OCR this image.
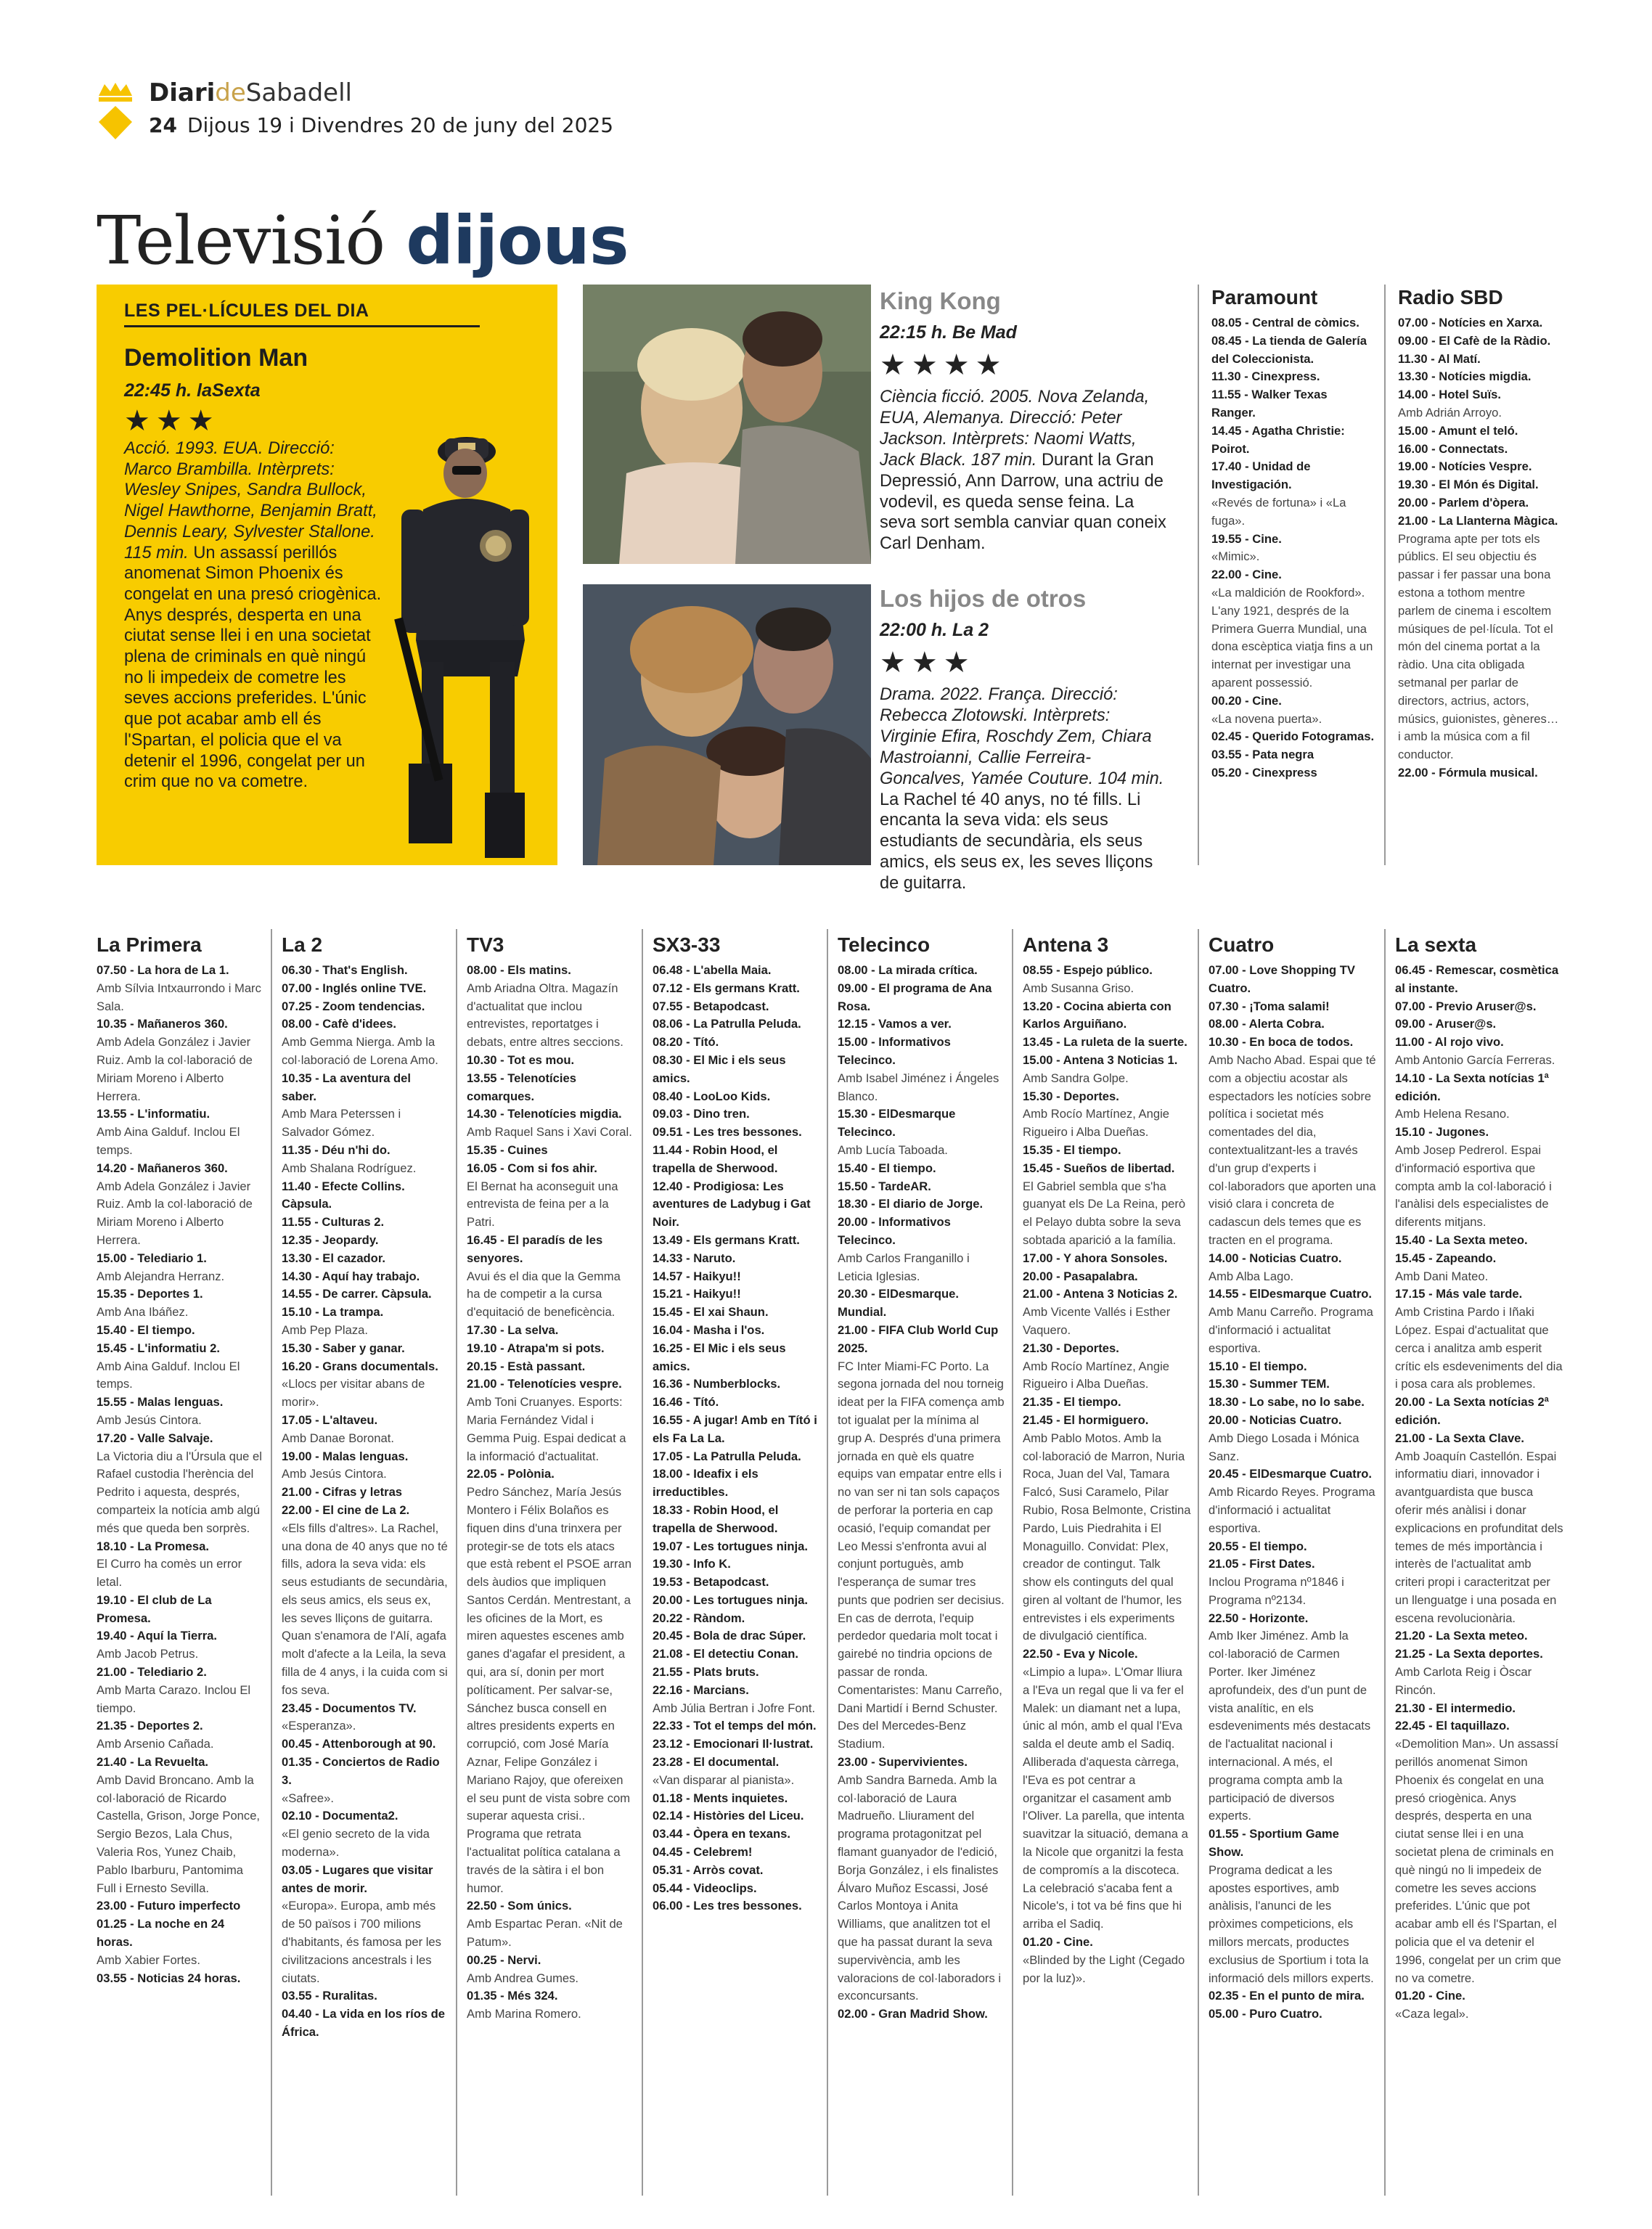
DiarideSabadell
24 Dijous 19 i Divendres 20 de juny del 2025
Televisió dijous
LES PEL·LÍCULES DEL DIA
Demolition Man
22:45 h. laSexta
★★★
Acció. 1993. EUA. Direcció: Marco Brambilla. Intèrprets: Wesley Snipes, Sandra Bullock, Nigel Hawthorne, Benjamin Bratt, Dennis Leary, Sylvester Stallone. 115 min. Un assassí perillós anomenat Simon Phoenix és congelat en una presó criogènica. Anys després, desperta en una ciutat sense llei i en una societat plena de criminals en què ningú no li impedeix de cometre les seves accions preferides. L'únic que pot acabar amb ell és l'Spartan, el policia que el va detenir el 1996, congelat per un crim que no va cometre.
King Kong
22:15 h. Be Mad
★★★★
Ciència ficció. 2005. Nova Zelanda, EUA, Alemanya. Direcció: Peter Jackson. Intèrprets: Naomi Watts, Jack Black. 187 min. Durant la Gran Depressió, Ann Darrow, una actriu de vodevil, es queda sense feina. La seva sort sembla canviar quan coneix Carl Denham.
Los hijos de otros
22:00 h. La 2
★★★
Drama. 2022. França. Direcció: Rebecca Zlotowski. Intèrprets: Virginie Efira, Roschdy Zem, Chiara Mastroianni, Callie Ferreira-Goncalves, Yamée Couture. 104 min. La Rachel té 40 anys, no té fills. Li encanta la seva vida: els seus estudiants de secundària, els seus amics, els seus ex, les seves lliçons de guitarra.
Paramount
08.05 - Central de còmics.
08.45 - La tienda de Galería del Coleccionista.
11.30 - Cinexpress.
11.55 - Walker Texas Ranger.
14.45 - Agatha Christie: Poirot.
17.40 - Unidad de Investigación.
«Revés de fortuna» i «La fuga».
19.55 - Cine.
«Mimic».
22.00 - Cine.
«La maldición de Rookford». L'any 1921, després de la Primera Guerra Mundial, una dona escèptica viatja fins a un internat per investigar una aparent possessió.
00.20 - Cine.
«La novena puerta».
02.45 - Querido Fotogramas.
03.55 - Pata negra
05.20 - Cinexpress
Radio SBD
07.00 - Notícies en Xarxa.
09.00 - El Cafè de la Ràdio.
11.30 - Al Matí.
13.30 - Notícies migdia.
14.00 - Hotel Suïs.
Amb Adrián Arroyo.
15.00 - Amunt el teló.
16.00 - Connectats.
19.00 - Notícies Vespre.
19.30 - El Món és Digital.
20.00 - Parlem d'òpera.
21.00 - La Llanterna Màgica.
Programa apte per tots els públics. El seu objectiu és passar i fer passar una bona estona a tothom mentre parlem de cinema i escoltem músiques de pel·lícula. Tot el món del cinema portat a la ràdio. Una cita obligada setmanal per parlar de directors, actrius, actors, músics, guionistes, gèneres… i amb la música com a fil conductor.
22.00 - Fórmula musical.
La Primera
07.50 - La hora de La 1.
Amb Sílvia Intxaurrondo i Marc Sala.
10.35 - Mañaneros 360.
Amb Adela González i Javier Ruiz. Amb la col·laboració de Miriam Moreno i Alberto Herrera.
13.55 - L'informatiu.
Amb Aina Galduf. Inclou El temps.
14.20 - Mañaneros 360.
Amb Adela González i Javier Ruiz. Amb la col·laboració de Miriam Moreno i Alberto Herrera.
15.00 - Telediario 1.
Amb Alejandra Herranz.
15.35 - Deportes 1.
Amb Ana Ibáñez.
15.40 - El tiempo.
15.45 - L'informatiu 2.
Amb Aina Galduf. Inclou El temps.
15.55 - Malas lenguas.
Amb Jesús Cintora.
17.20 - Valle Salvaje.
La Victoria diu a l'Úrsula que el Rafael custodia l'herència del Pedrito i aquesta, després, comparteix la notícia amb algú més que queda ben sorprès.
18.10 - La Promesa.
El Curro ha comès un error letal.
19.10 - El club de La Promesa.
19.40 - Aquí la Tierra.
Amb Jacob Petrus.
21.00 - Telediario 2.
Amb Marta Carazo. Inclou El tiempo.
21.35 - Deportes 2.
Amb Arsenio Cañada.
21.40 - La Revuelta.
Amb David Broncano. Amb la col·laboració de Ricardo Castella, Grison, Jorge Ponce, Sergio Bezos, Lala Chus, Valeria Ros, Yunez Chaib, Pablo Ibarburu, Pantomima Full i Ernesto Sevilla.
23.00 - Futuro imperfecto
01.25 - La noche en 24 horas.
Amb Xabier Fortes.
03.55 - Noticias 24 horas.
La 2
06.30 - That's English.
07.00 - Inglés online TVE.
07.25 - Zoom tendencias.
08.00 - Cafè d'idees.
Amb Gemma Nierga. Amb la col·laboració de Lorena Amo.
10.35 - La aventura del saber.
Amb Mara Peterssen i Salvador Gómez.
11.35 - Déu n'hi do.
Amb Shalana Rodríguez.
11.40 - Efecte Collins. Càpsula.
11.55 - Culturas 2.
12.35 - Jeopardy.
13.30 - El cazador.
14.30 - Aquí hay trabajo.
14.55 - De carrer. Càpsula.
15.10 - La trampa.
Amb Pep Plaza.
15.30 - Saber y ganar.
16.20 - Grans documentals.
«Llocs per visitar abans de morir».
17.05 - L'altaveu.
Amb Danae Boronat.
19.00 - Malas lenguas.
Amb Jesús Cintora.
21.00 - Cifras y letras
22.00 - El cine de La 2.
«Els fills d'altres». La Rachel, una dona de 40 anys que no té fills, adora la seva vida: els seus estudiants de secundària, els seus amics, els seus ex, les seves lliçons de guitarra. Quan s'enamora de l'Alí, agafa molt d'afecte a la Leila, la seva filla de 4 anys, i la cuida com si fos seva.
23.45 - Documentos TV.
«Esperanza».
00.45 - Attenborough at 90.
01.35 - Conciertos de Radio 3.
«Safree».
02.10 - Documenta2.
«El genio secreto de la vida moderna».
03.05 - Lugares que visitar antes de morir.
«Europa». Europa, amb més de 50 països i 700 milions d'habitants, és famosa per les civilitzacions ancestrals i les ciutats.
03.55 - Ruralitas.
04.40 - La vida en los ríos de África.
TV3
08.00 - Els matins.
Amb Ariadna Oltra. Magazín d'actualitat que inclou entrevistes, reportatges i debats, entre altres seccions.
10.30 - Tot es mou.
13.55 - Telenotícies comarques.
14.30 - Telenotícies migdia.
Amb Raquel Sans i Xavi Coral.
15.35 - Cuines
16.05 - Com si fos ahir.
El Bernat ha aconseguit una entrevista de feina per a la Patri.
16.45 - El paradís de les senyores.
Avui és el dia que la Gemma ha de competir a la cursa d'equitació de beneficència.
17.30 - La selva.
19.10 - Atrapa'm si pots.
20.15 - Està passant.
21.00 - Telenotícies vespre.
Amb Toni Cruanyes. Esports: Maria Fernández Vidal i Gemma Puig. Espai dedicat a la informació d'actualitat.
22.05 - Polònia.
Pedro Sánchez, María Jesús Montero i Félix Bolaños es fiquen dins d'una trinxera per protegir-se de tots els atacs que està rebent el PSOE arran dels àudios que impliquen Santos Cerdán. Mentrestant, a les oficines de la Mort, es miren aquestes escenes amb ganes d'agafar el president, a qui, ara sí, donin per mort políticament. Per salvar-se, Sánchez busca consell en altres presidents experts en corrupció, com José María Aznar, Felipe González i Mariano Rajoy, que ofereixen el seu punt de vista sobre com superar aquesta crisi.. Programa que retrata l'actualitat política catalana a través de la sàtira i el bon humor.
22.50 - Som únics.
Amb Espartac Peran. «Nit de Patum».
00.25 - Nervi.
Amb Andrea Gumes.
01.35 - Més 324.
Amb Marina Romero.
SX3-33
06.48 - L'abella Maia.
07.12 - Els germans Kratt.
07.55 - Betapodcast.
08.06 - La Patrulla Peluda.
08.20 - Tító.
08.30 - El Mic i els seus amics.
08.40 - LooLoo Kids.
09.03 - Dino tren.
09.51 - Les tres bessones.
11.44 - Robin Hood, el trapella de Sherwood.
12.40 - Prodigiosa: Les aventures de Ladybug i Gat Noir.
13.49 - Els germans Kratt.
14.33 - Naruto.
14.57 - Haikyu!!
15.21 - Haikyu!!
15.45 - El xai Shaun.
16.04 - Masha i l'os.
16.25 - El Mic i els seus amics.
16.36 - Numberblocks.
16.46 - Tító.
16.55 - A jugar! Amb en Tító i els Fa La La.
17.05 - La Patrulla Peluda.
18.00 - Ideafix i els irreductibles.
18.33 - Robin Hood, el trapella de Sherwood.
19.07 - Les tortugues ninja.
19.30 - Info K.
19.53 - Betapodcast.
20.00 - Les tortugues ninja.
20.22 - Ràndom.
20.45 - Bola de drac Súper.
21.08 - El detectiu Conan.
21.55 - Plats bruts.
22.16 - Marcians.
Amb Júlia Bertran i Jofre Font.
22.33 - Tot el temps del món.
23.12 - Emocionari Il·lustrat.
23.28 - El documental.
«Van disparar al pianista».
01.18 - Ments inquietes.
02.14 - Històries del Liceu.
03.44 - Òpera en texans.
04.45 - Celebrem!
05.31 - Arròs covat.
05.44 - Videoclips.
06.00 - Les tres bessones.
Telecinco
08.00 - La mirada crítica.
09.00 - El programa de Ana Rosa.
12.15 - Vamos a ver.
15.00 - Informativos Telecinco.
Amb Isabel Jiménez i Ángeles Blanco.
15.30 - ElDesmarque Telecinco.
Amb Lucía Taboada.
15.40 - El tiempo.
15.50 - TardeAR.
18.30 - El diario de Jorge.
20.00 - Informativos Telecinco.
Amb Carlos Franganillo i Leticia Iglesias.
20.30 - ElDesmarque. Mundial.
21.00 - FIFA Club World Cup 2025.
FC Inter Miami-FC Porto. La segona jornada del nou torneig ideat per la FIFA comença amb tot igualat per la mínima al grup A. Després d'una primera jornada en què els quatre equips van empatar entre ells i no van ser ni tan sols capaços de perforar la porteria en cap ocasió, l'equip comandat per Leo Messi s'enfronta avui al conjunt portuguès, amb l'esperança de sumar tres punts que podrien ser decisius. En cas de derrota, l'equip perdedor quedaria molt tocat i gairebé no tindria opcions de passar de ronda. Comentaristes: Manu Carreño, Dani Martidí i Bernd Schuster. Des del Mercedes-Benz Stadium.
23.00 - Supervivientes.
Amb Sandra Barneda. Amb la col·laboració de Laura Madrueño. Lliurament del programa protagonitzat pel flamant guanyador de l'edició, Borja González, i els finalistes Álvaro Muñoz Escassi, José Carlos Montoya i Anita Williams, que analitzen tot el que ha passat durant la seva supervivència, amb les valoracions de col·laboradors i exconcursants.
02.00 - Gran Madrid Show.
Antena 3
08.55 - Espejo público.
Amb Susanna Griso.
13.20 - Cocina abierta con Karlos Arguiñano.
13.45 - La ruleta de la suerte.
15.00 - Antena 3 Noticias 1.
Amb Sandra Golpe.
15.30 - Deportes.
Amb Rocío Martínez, Angie Rigueiro i Alba Dueñas.
15.35 - El tiempo.
15.45 - Sueños de libertad.
El Gabriel sembla que s'ha guanyat els De La Reina, però el Pelayo dubta sobre la seva sobtada aparició a la família.
17.00 - Y ahora Sonsoles.
20.00 - Pasapalabra.
21.00 - Antena 3 Noticias 2.
Amb Vicente Vallés i Esther Vaquero.
21.30 - Deportes.
Amb Rocío Martínez, Angie Rigueiro i Alba Dueñas.
21.35 - El tiempo.
21.45 - El hormiguero.
Amb Pablo Motos. Amb la col·laboració de Marron, Nuria Roca, Juan del Val, Tamara Falcó, Susi Caramelo, Pilar Rubio, Rosa Belmonte, Cristina Pardo, Luis Piedrahita i El Monaguillo. Convidat: Plex, creador de contingut. Talk show els continguts del qual giren al voltant de l'humor, les entrevistes i els experiments de divulgació científica.
22.50 - Eva y Nicole.
«Limpio a lupa». L'Omar lliura a l'Eva un regal que li va fer el Malek: un diamant net a lupa, únic al món, amb el qual l'Eva salda el deute amb el Sadiq. Alliberada d'aquesta càrrega, l'Eva es pot centrar a organitzar el casament amb l'Oliver. La parella, que intenta suavitzar la situació, demana a la Nicole que organitzi la festa de compromís a la discoteca. La celebració s'acaba fent a Nicole's, i tot va bé fins que hi arriba el Sadiq.
01.20 - Cine.
«Blinded by the Light (Cegado por la luz)».
Cuatro
07.00 - Love Shopping TV Cuatro.
07.30 - ¡Toma salami!
08.00 - Alerta Cobra.
10.30 - En boca de todos.
Amb Nacho Abad. Espai que té com a objectiu acostar als espectadors les notícies sobre política i societat més comentades del dia, contextualitzant-les a través d'un grup d'experts i col·laboradors que aporten una visió clara i concreta de cadascun dels temes que es tracten en el programa.
14.00 - Noticias Cuatro.
Amb Alba Lago.
14.55 - ElDesmarque Cuatro.
Amb Manu Carreño. Programa d'informació i actualitat esportiva.
15.10 - El tiempo.
15.30 - Summer TEM.
18.30 - Lo sabe, no lo sabe.
20.00 - Noticias Cuatro.
Amb Diego Losada i Mónica Sanz.
20.45 - ElDesmarque Cuatro.
Amb Ricardo Reyes. Programa d'informació i actualitat esportiva.
20.55 - El tiempo.
21.05 - First Dates.
Inclou Programa nº1846 i Programa nº2134.
22.50 - Horizonte.
Amb Iker Jiménez. Amb la col·laboració de Carmen Porter. Iker Jiménez aprofundeix, des d'un punt de vista analític, en els esdeveniments més destacats de l'actualitat nacional i internacional. A més, el programa compta amb la participació de diversos experts.
01.55 - Sportium Game Show.
Programa dedicat a les apostes esportives, amb anàlisis, l'anunci de les pròximes competicions, els millors mercats, productes exclusius de Sportium i tota la informació dels millors experts.
02.35 - En el punto de mira.
05.00 - Puro Cuatro.
La sexta
06.45 - Remescar, cosmètica al instante.
07.00 - Previo Aruser@s.
09.00 - Aruser@s.
11.00 - Al rojo vivo.
Amb Antonio García Ferreras.
14.10 - La Sexta notícias 1ª edición.
Amb Helena Resano.
15.10 - Jugones.
Amb Josep Pedrerol. Espai d'informació esportiva que compta amb la col·laboració i l'anàlisi dels especialistes de diferents mitjans.
15.40 - La Sexta meteo.
15.45 - Zapeando.
Amb Dani Mateo.
17.15 - Más vale tarde.
Amb Cristina Pardo i Iñaki López. Espai d'actualitat que cerca i analitza amb esperit crític els esdeveniments del dia i posa cara als problemes.
20.00 - La Sexta notícias 2ª edición.
21.00 - La Sexta Clave.
Amb Joaquín Castellón. Espai informatiu diari, innovador i avantguardista que busca oferir més anàlisi i donar explicacions en profunditat dels temes de més importància i interès de l'actualitat amb criteri propi i caracteritzat per un llenguatge i una posada en escena revolucionària.
21.20 - La Sexta meteo.
21.25 - La Sexta deportes.
Amb Carlota Reig i Òscar Rincón.
21.30 - El intermedio.
22.45 - El taquillazo.
«Demolition Man». Un assassí perillós anomenat Simon Phoenix és congelat en una presó criogènica. Anys després, desperta en una ciutat sense llei i en una societat plena de criminals en què ningú no li impedeix de cometre les seves accions preferides. L'únic que pot acabar amb ell és l'Spartan, el policia que el va detenir el 1996, congelat per un crim que no va cometre.
01.20 - Cine.
«Caza legal».
